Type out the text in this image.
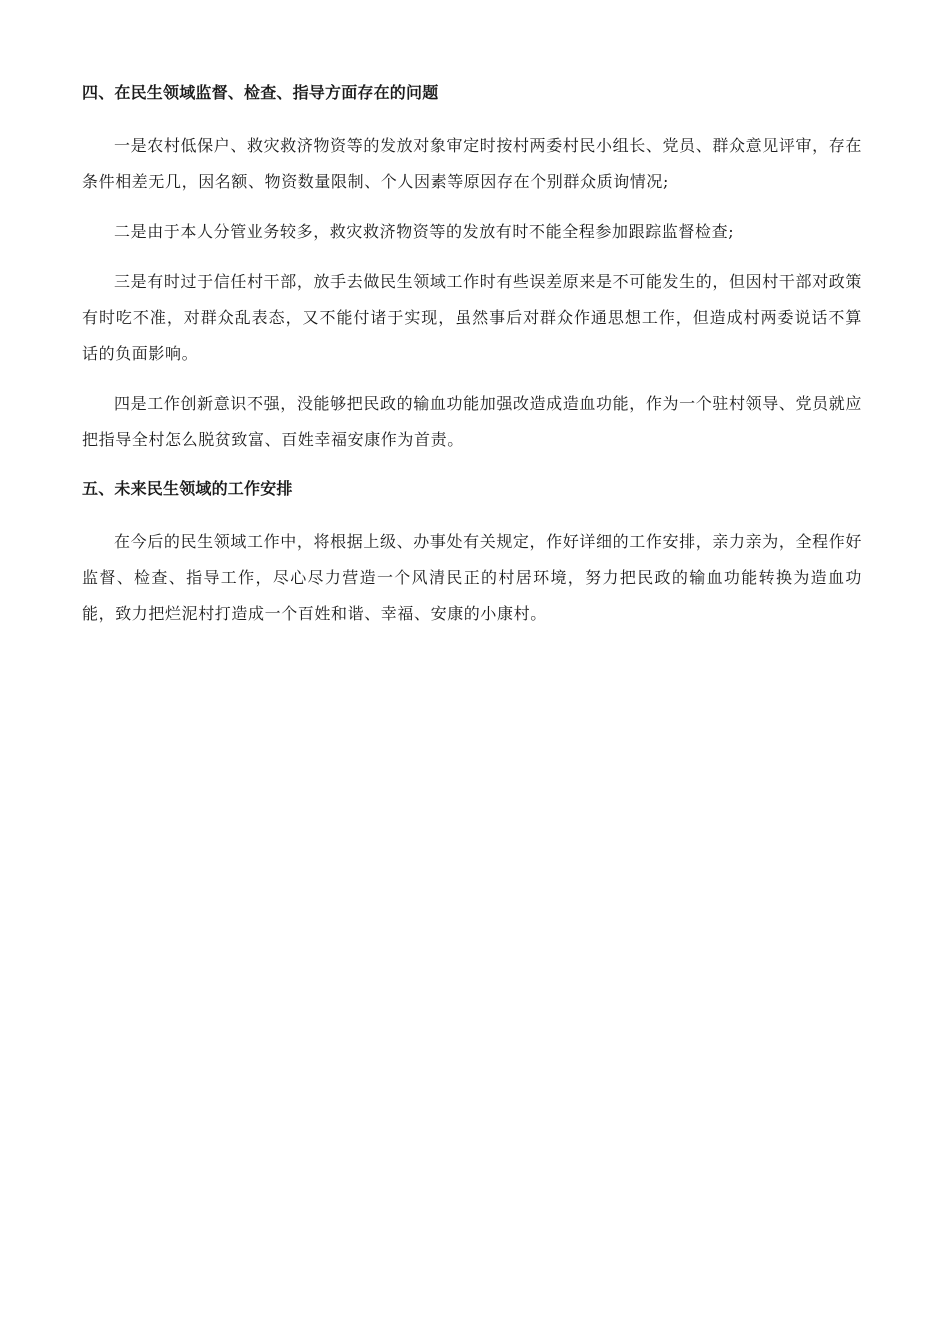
四、在民生领域监督、检查、指导方面存在的问题

一是农村低保户、救灾救济物资等的发放对象审定时按村两委村民小组长、党员、群众意见评审，存在条件相差无几，因名额、物资数量限制、个人因素等原因存在个别群众质询情况;

二是由于本人分管业务较多，救灾救济物资等的发放有时不能全程参加跟踪监督检查;

三是有时过于信任村干部，放手去做民生领域工作时有些误差原来是不可能发生的，但因村干部对政策有时吃不准，对群众乱表态，又不能付诸于实现，虽然事后对群众作通思想工作，但造成村两委说话不算话的负面影响。

四是工作创新意识不强，没能够把民政的输血功能加强改造成造血功能，作为一个驻村领导、党员就应把指导全村怎么脱贫致富、百姓幸福安康作为首责。

五、未来民生领域的工作安排

在今后的民生领域工作中，将根据上级、办事处有关规定，作好详细的工作安排，亲力亲为，全程作好监督、检查、指导工作，尽心尽力营造一个风清民正的村居环境，努力把民政的输血功能转换为造血功能，致力把烂泥村打造成一个百姓和谐、幸福、安康的小康村。
